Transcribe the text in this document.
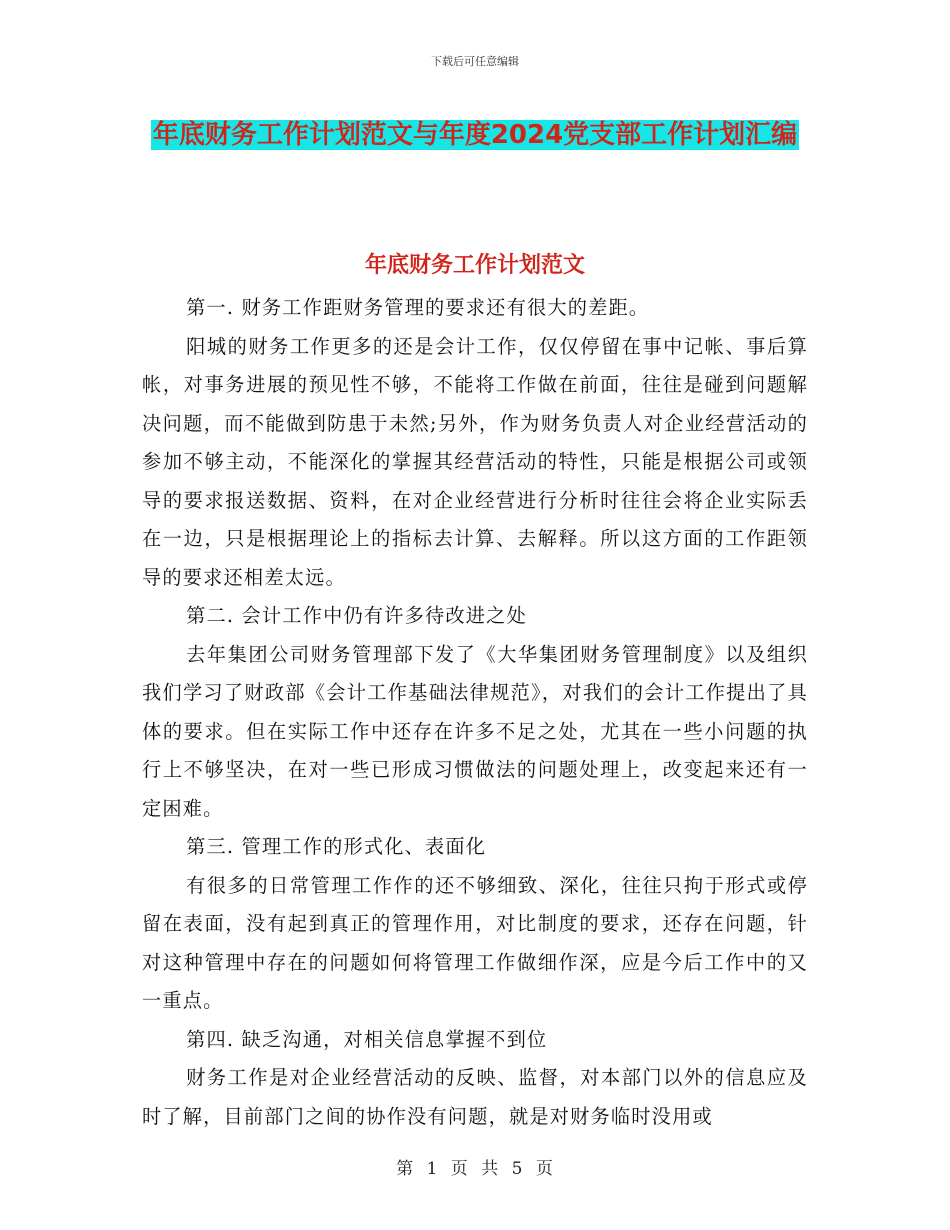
下载后可任意编辑
年底财务工作计划范文与年度2024党支部工作计划汇编
年底财务工作计划范文

第一. 财务工作距财务管理的要求还有很大的差距。

阳城的财务工作更多的还是会计工作，仅仅停留在事中记帐、事后算帐，对事务进展的预见性不够，不能将工作做在前面，往往是碰到问题解决问题，而不能做到防患于未然;另外，作为财务负责人对企业经营活动的参加不够主动，不能深化的掌握其经营活动的特性，只能是根据公司或领导的要求报送数据、资料，在对企业经营进行分析时往往会将企业实际丢在一边，只是根据理论上的指标去计算、去解释。所以这方面的工作距领导的要求还相差太远。

第二. 会计工作中仍有许多待改进之处

去年集团公司财务管理部下发了《大华集团财务管理制度》以及组织我们学习了财政部《会计工作基础法律规范》，对我们的会计工作提出了具体的要求。但在实际工作中还存在许多不足之处，尤其在一些小问题的执行上不够坚决，在对一些已形成习惯做法的问题处理上，改变起来还有一定困难。

第三. 管理工作的形式化、表面化

有很多的日常管理工作作的还不够细致、深化，往往只拘于形式或停留在表面，没有起到真正的管理作用，对比制度的要求，还存在问题，针对这种管理中存在的问题如何将管理工作做细作深，应是今后工作中的又一重点。

第四. 缺乏沟通，对相关信息掌握不到位

财务工作是对企业经营活动的反映、监督，对本部门以外的信息应及时了解，目前部门之间的协作没有问题，就是对财务临时没用或

第 1 页 共 5 页
